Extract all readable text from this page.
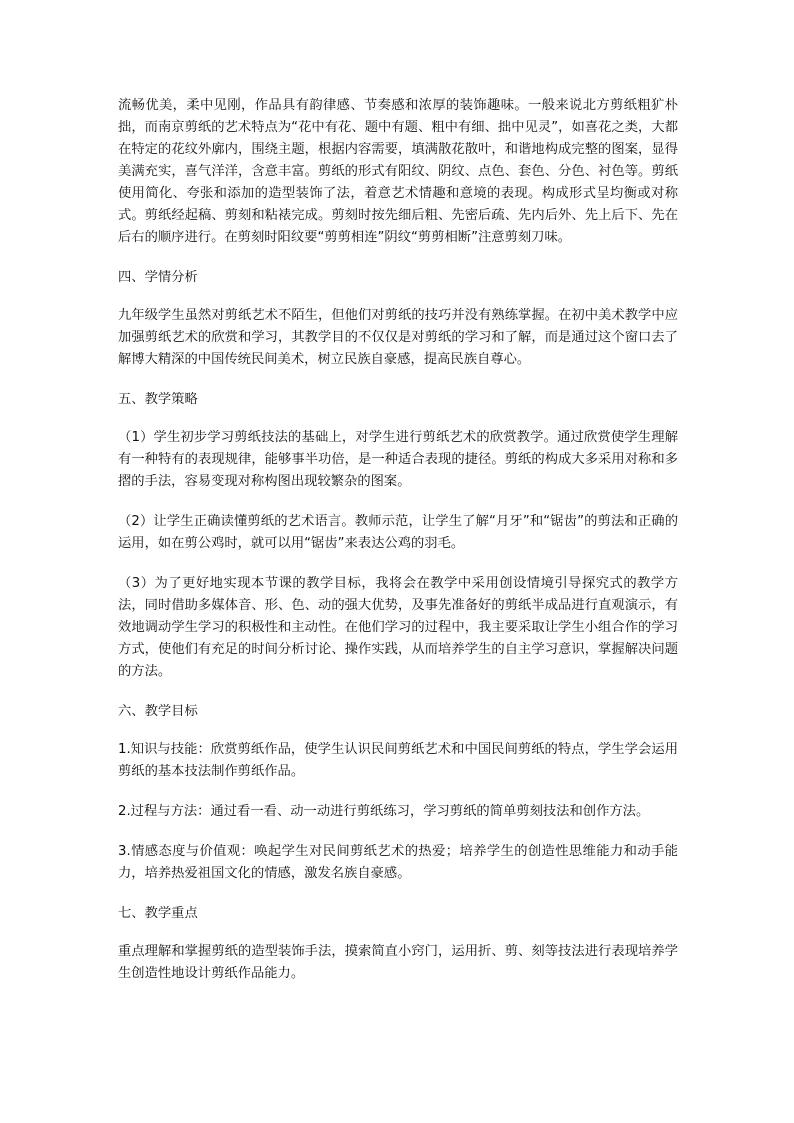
流畅优美，柔中见刚，作品具有韵律感、节奏感和浓厚的装饰趣味。一般来说北方剪纸粗犷朴拙，而南京剪纸的艺术特点为“花中有花、题中有题、粗中有细、拙中见灵”，如喜花之类，大都在特定的花纹外廓内，围绕主题，根据内容需要，填满散花散叶，和谐地构成完整的图案，显得美满充实，喜气洋洋，含意丰富。剪纸的形式有阳纹、阴纹、点色、套色、分色、衬色等。剪纸使用简化、夸张和添加的造型装饰了法，着意艺术情趣和意境的表现。构成形式呈均衡或对称式。剪纸经起稿、剪刻和粘裱完成。剪刻时按先细后粗、先密后疏、先内后外、先上后下、先在后右的顺序进行。在剪刻时阳纹要“剪剪相连”阴纹“剪剪相断”注意剪刻刀味。

四、学情分析

九年级学生虽然对剪纸艺术不陌生，但他们对剪纸的技巧并没有熟练掌握。在初中美术教学中应加强剪纸艺术的欣赏和学习，其教学目的不仅仅是对剪纸的学习和了解，而是通过这个窗口去了解博大精深的中国传统民间美术，树立民族自豪感，提高民族自尊心。

五、教学策略

（1）学生初步学习剪纸技法的基础上，对学生进行剪纸艺术的欣赏教学。通过欣赏使学生理解有一种特有的表现规律，能够事半功倍，是一种适合表现的捷径。剪纸的构成大多采用对称和多摺的手法，容易变现对称构图出现较繁杂的图案。

（2）让学生正确读懂剪纸的艺术语言。教师示范，让学生了解“月牙”和“锯齿”的剪法和正确的运用，如在剪公鸡时，就可以用“锯齿”来表达公鸡的羽毛。

（3）为了更好地实现本节课的教学目标，我将会在教学中采用创设情境引导探究式的教学方法，同时借助多媒体音、形、色、动的强大优势，及事先准备好的剪纸半成品进行直观演示，有效地调动学生学习的积极性和主动性。在他们学习的过程中，我主要采取让学生小组合作的学习方式，使他们有充足的时间分析讨论、操作实践，从而培养学生的自主学习意识，掌握解决问题的方法。

六、教学目标

1.知识与技能：欣赏剪纸作品，使学生认识民间剪纸艺术和中国民间剪纸的特点，学生学会运用剪纸的基本技法制作剪纸作品。

2.过程与方法：通过看一看、动一动进行剪纸练习，学习剪纸的简单剪刻技法和创作方法。

3.情感态度与价值观：唤起学生对民间剪纸艺术的热爱；培养学生的创造性思维能力和动手能力，培养热爱祖国文化的情感，激发名族自豪感。

七、教学重点

重点理解和掌握剪纸的造型装饰手法，摸索简直小窍门，运用折、剪、刻等技法进行表现培养学生创造性地设计剪纸作品能力。
